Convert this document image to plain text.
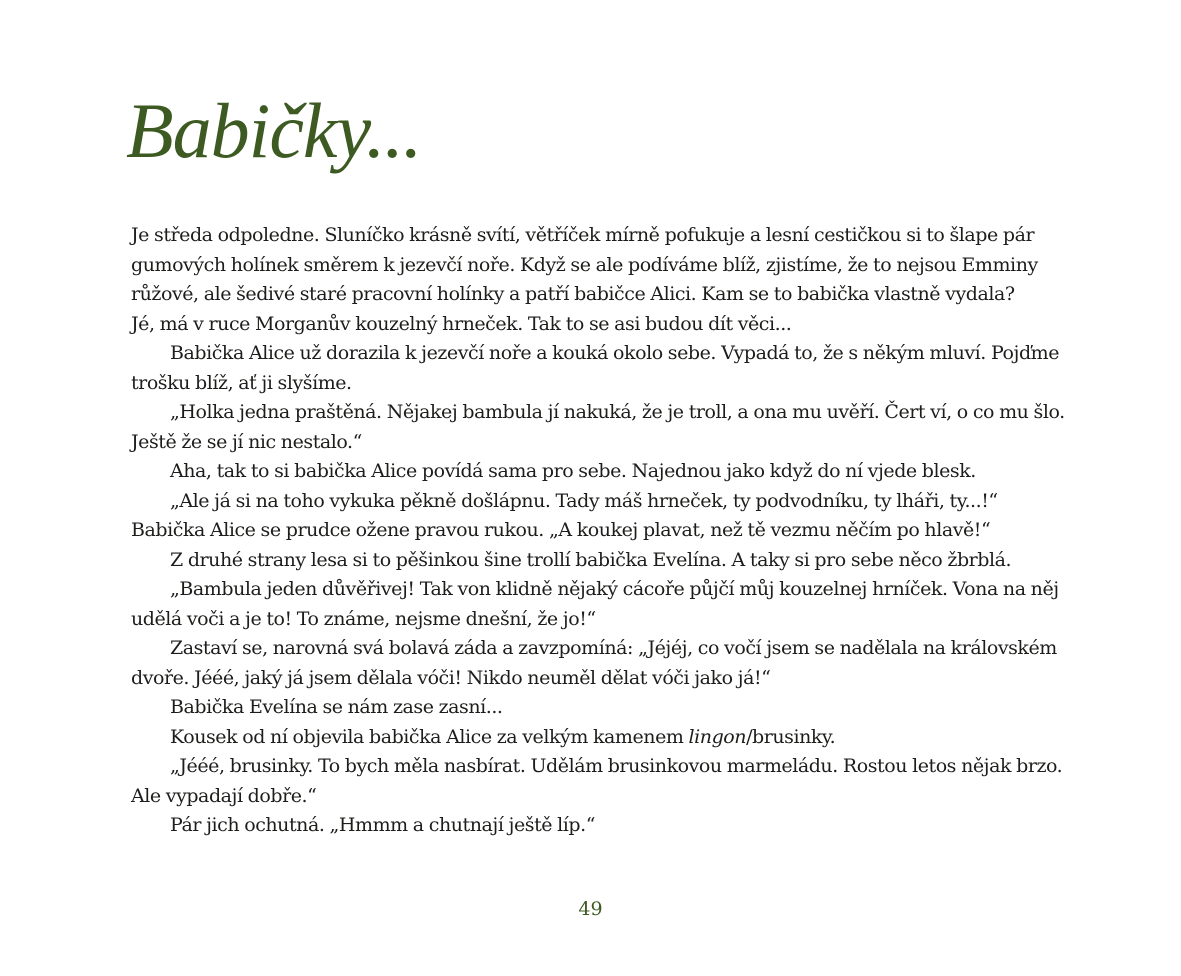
Babičky...

Je středa odpoledne. Sluníčko krásně svítí, větříček mírně pofukuje a lesní cestičkou si to šlape pár

gumových holínek směrem k jezevčí noře. Když se ale podíváme blíž, zjistíme, že to nejsou Emminy

růžové, ale šedivé staré pracovní holínky a patří babičce Alici. Kam se to babička vlastně vydala?

Jé, má v ruce Morganův kouzelný hrneček. Tak to se asi budou dít věci...

Babička Alice už dorazila k jezevčí noře a kouká okolo sebe. Vypadá to, že s někým mluví. Pojďme

trošku blíž, ať ji slyšíme.

„Holka jedna praštěná. Nějakej bambula jí nakuká, že je troll, a ona mu uvěří. Čert ví, o co mu šlo.

Ještě že se jí nic nestalo.“

Aha, tak to si babička Alice povídá sama pro sebe. Najednou jako když do ní vjede blesk.

„Ale já si na toho vykuka pěkně došlápnu. Tady máš hrneček, ty podvodníku, ty lháři, ty...!“

Babička Alice se prudce ožene pravou rukou. „A koukej plavat, než tě vezmu něčím po hlavě!“

Z druhé strany lesa si to pěšinkou šine trollí babička Evelína. A taky si pro sebe něco žbrblá.

„Bambula jeden důvěřivej! Tak von klidně nějaký cácoře půjčí můj kouzelnej hrníček. Vona na něj

udělá voči a je to! To známe, nejsme dnešní, že jo!“

Zastaví se, narovná svá bolavá záda a zavzpomíná: „Jéjéj, co vočí jsem se nadělala na královském

dvoře. Jééé, jaký já jsem dělala vóči! Nikdo neuměl dělat vóči jako já!“

Babička Evelína se nám zase zasní...

Kousek od ní objevila babička Alice za velkým kamenem lingon/brusinky.

„Jééé, brusinky. To bych měla nasbírat. Udělám brusinkovou marmeládu. Rostou letos nějak brzo.

Ale vypadají dobře.“

Pár jich ochutná. „Hmmm a chutnají ještě líp.“

49
